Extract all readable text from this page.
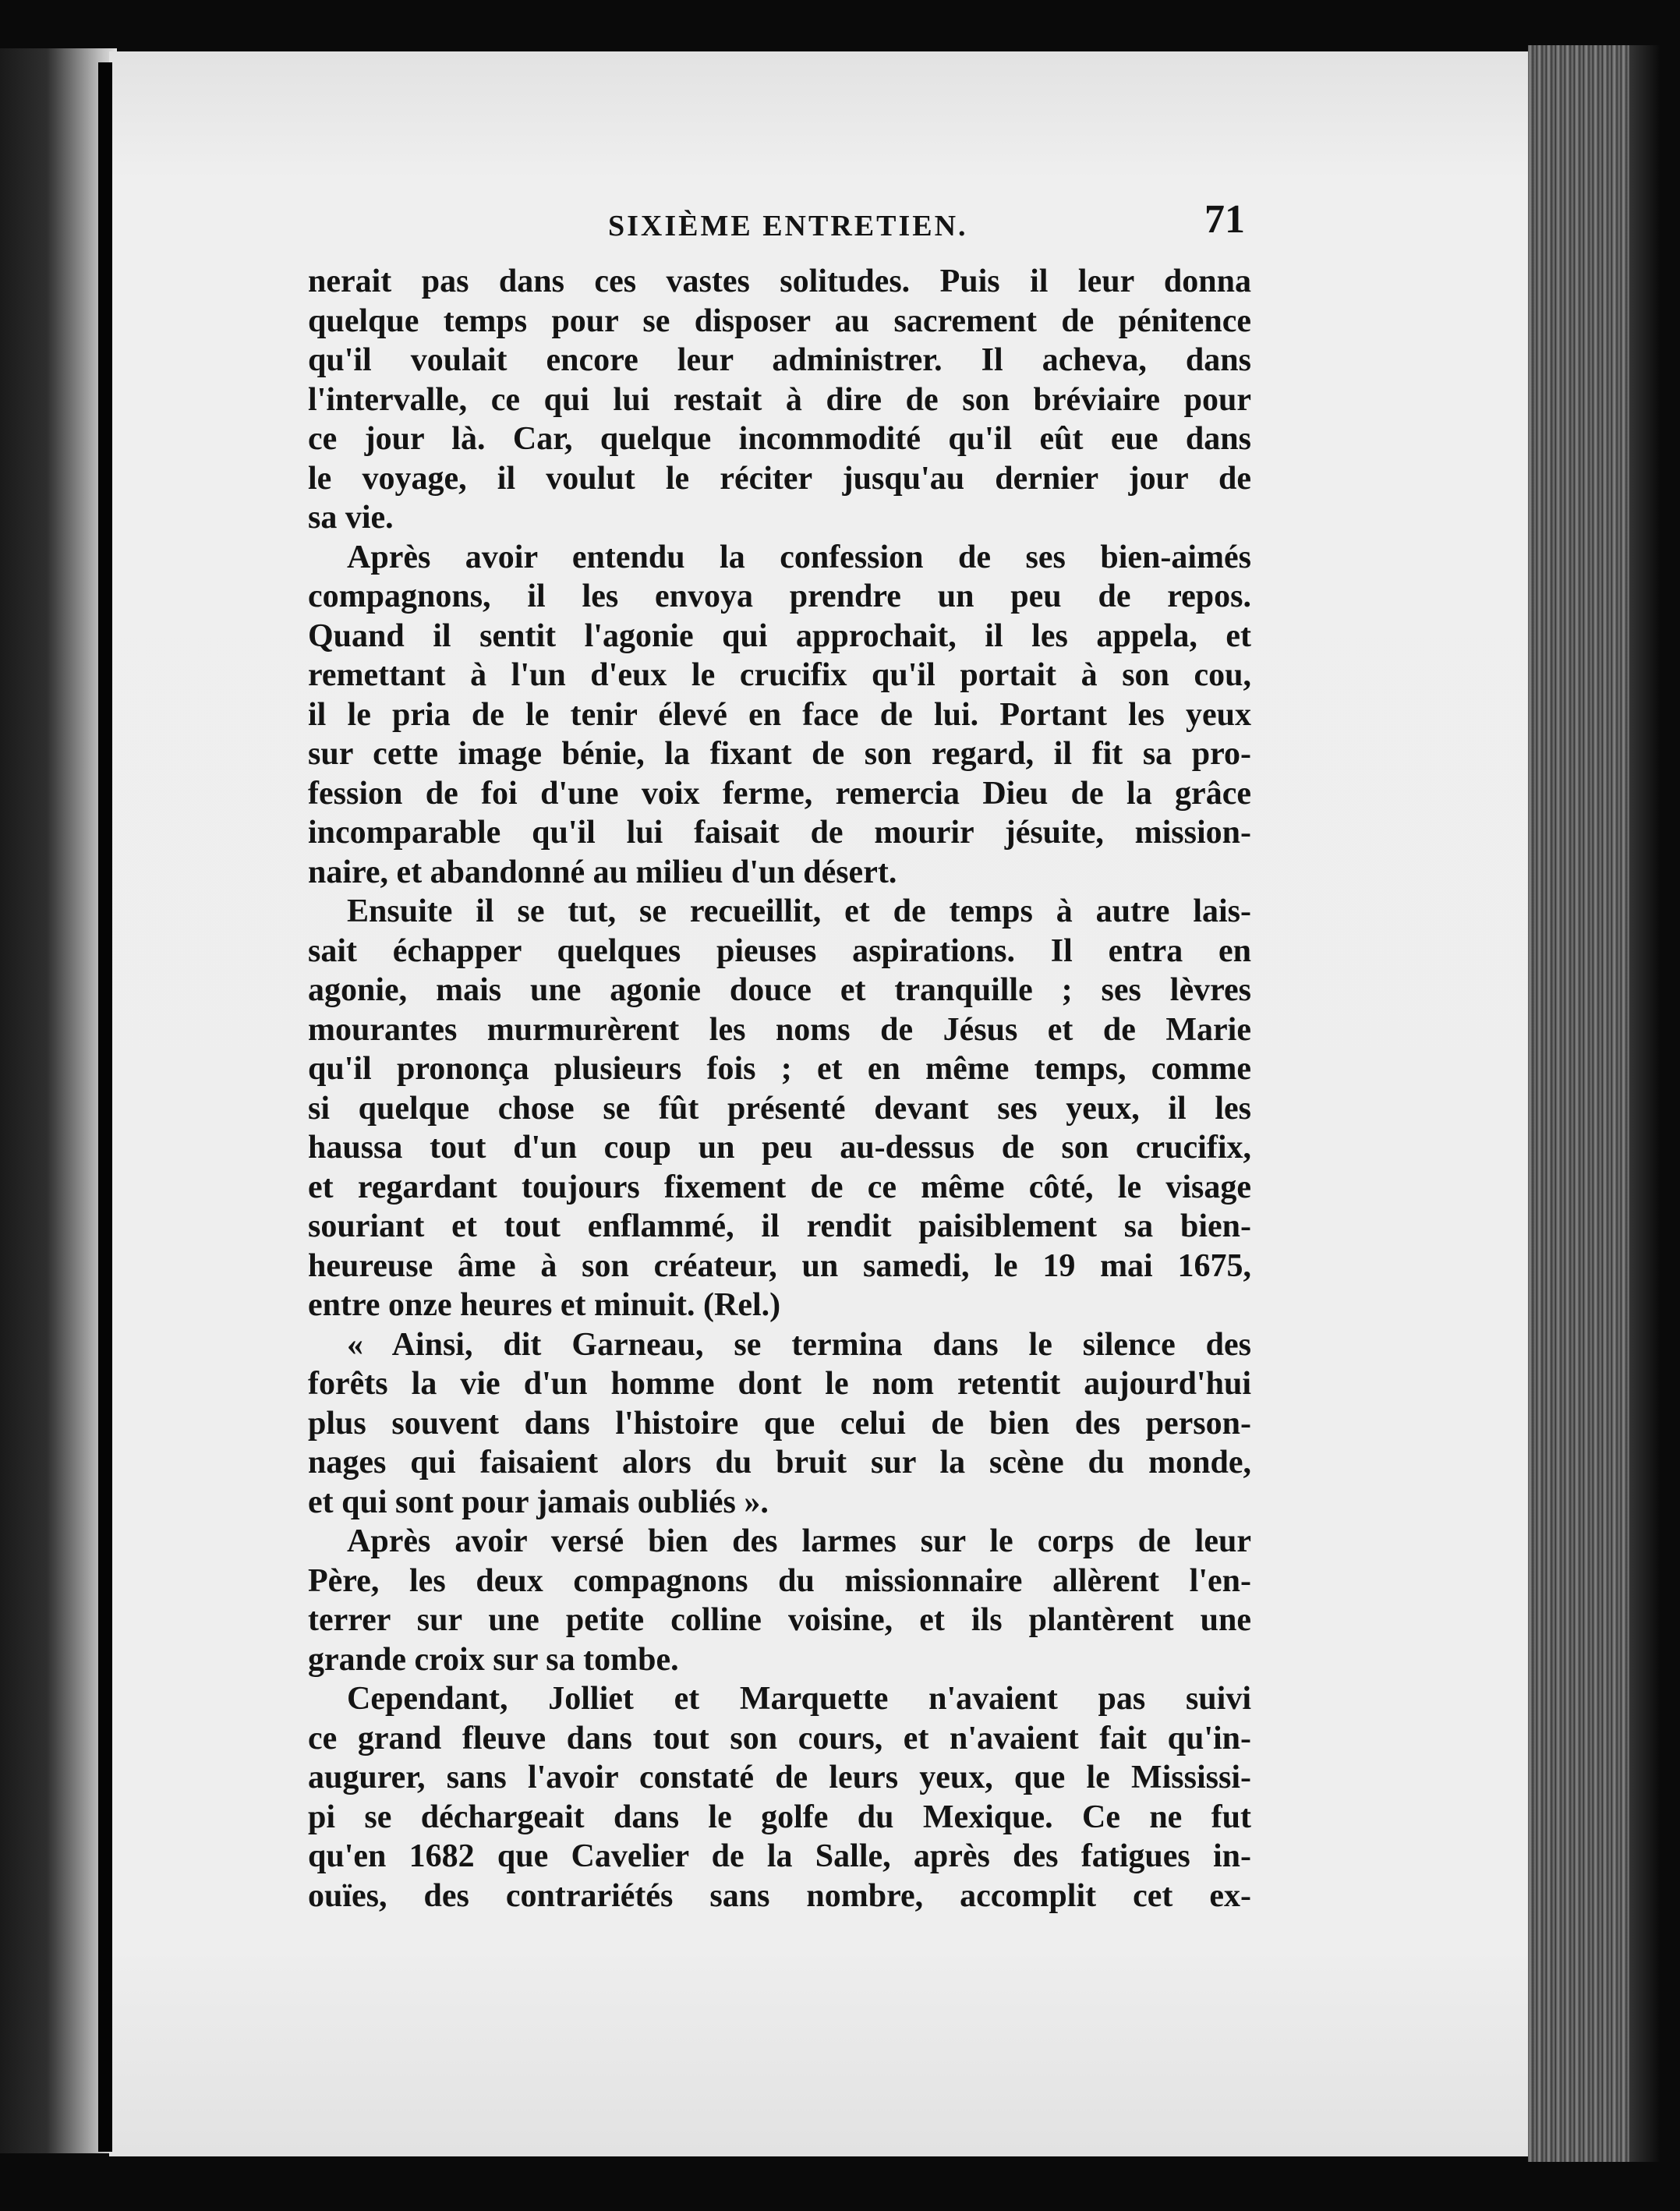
SIXIÈME ENTRETIEN.	71
nerait pas dans ces vastes solitudes. Puis il leur donna
quelque temps pour se disposer au sacrement de pénitence
qu'il voulait encore leur administrer. Il acheva, dans
l'intervalle, ce qui lui restait à dire de son bréviaire pour
ce jour là. Car, quelque incommodité qu'il eût eue dans
le voyage, il voulut le réciter jusqu'au dernier jour de
sa vie.
Après avoir entendu la confession de ses bien-aimés
compagnons, il les envoya prendre un peu de repos.
Quand il sentit l'agonie qui approchait, il les appela, et
remettant à l'un d'eux le crucifix qu'il portait à son cou,
il le pria de le tenir élevé en face de lui. Portant les yeux
sur cette image bénie, la fixant de son regard, il fit sa pro-
fession de foi d'une voix ferme, remercia Dieu de la grâce
incomparable qu'il lui faisait de mourir jésuite, mission-
naire, et abandonné au milieu d'un désert.
Ensuite il se tut, se recueillit, et de temps à autre lais-
sait échapper quelques pieuses aspirations. Il entra en
agonie, mais une agonie douce et tranquille ; ses lèvres
mourantes murmurèrent les noms de Jésus et de Marie
qu'il prononça plusieurs fois ; et en même temps, comme
si quelque chose se fût présenté devant ses yeux, il les
haussa tout d'un coup un peu au-dessus de son crucifix,
et regardant toujours fixement de ce même côté, le visage
souriant et tout enflammé, il rendit paisiblement sa bien-
heureuse âme à son créateur, un samedi, le 19 mai 1675,
entre onze heures et minuit. (Rel.)
« Ainsi, dit Garneau, se termina dans le silence des
forêts la vie d'un homme dont le nom retentit aujourd'hui
plus souvent dans l'histoire que celui de bien des person-
nages qui faisaient alors du bruit sur la scène du monde,
et qui sont pour jamais oubliés ».
Après avoir versé bien des larmes sur le corps de leur
Père, les deux compagnons du missionnaire allèrent l'en-
terrer sur une petite colline voisine, et ils plantèrent une
grande croix sur sa tombe.
Cependant, Jolliet et Marquette n'avaient pas suivi
ce grand fleuve dans tout son cours, et n'avaient fait qu'in-
augurer, sans l'avoir constaté de leurs yeux, que le Mississi-
pi se déchargeait dans le golfe du Mexique. Ce ne fut
qu'en 1682 que Cavelier de la Salle, après des fatigues in-
ouïes, des contrariétés sans nombre, accomplit cet ex-
